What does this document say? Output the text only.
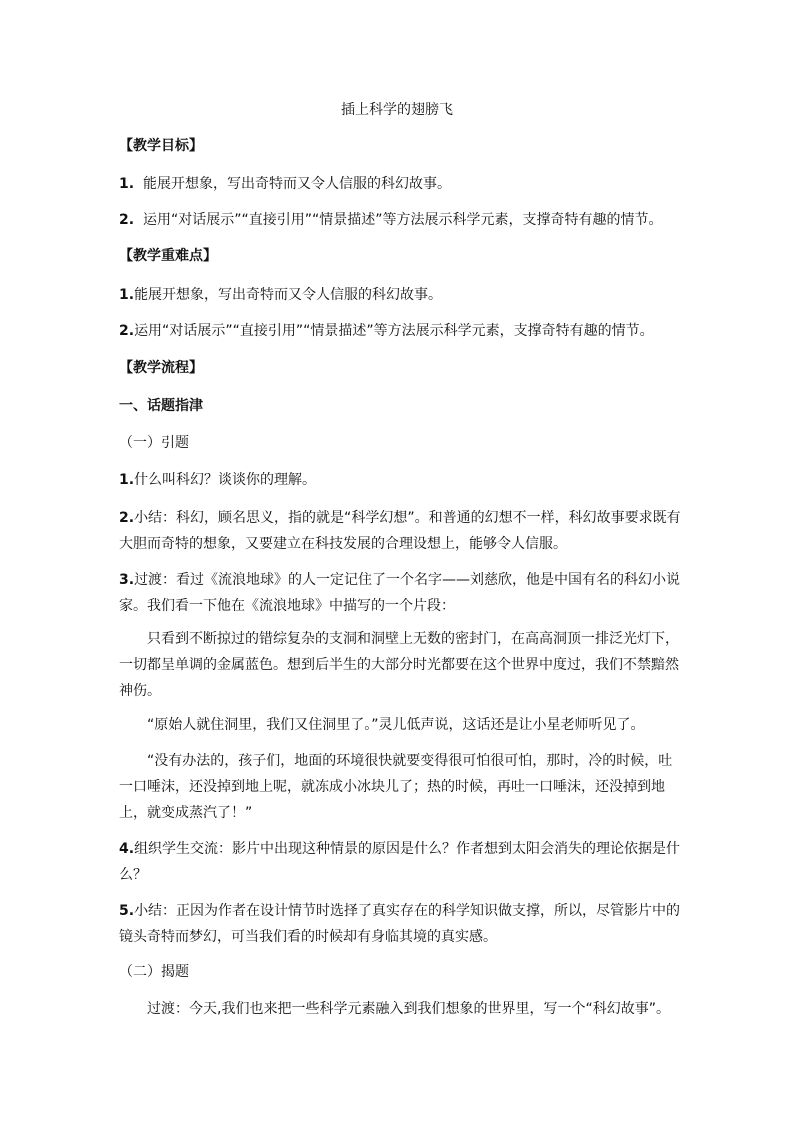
插上科学的翅膀飞

【教学目标】

1. 能展开想象，写出奇特而又令人信服的科幻故事。

2. 运用“对话展示”“直接引用”“情景描述”等方法展示科学元素，支撑奇特有趣的情节。

【教学重难点】

1.能展开想象，写出奇特而又令人信服的科幻故事。

2.运用“对话展示”“直接引用”“情景描述”等方法展示科学元素，支撑奇特有趣的情节。

【教学流程】

一、话题指津

（一）引题

1.什么叫科幻？谈谈你的理解。

2.小结：科幻，顾名思义，指的就是“科学幻想”。和普通的幻想不一样，科幻故事要求既有大胆而奇特的想象，又要建立在科技发展的合理设想上，能够令人信服。

3.过渡：看过《流浪地球》的人一定记住了一个名字——刘慈欣，他是中国有名的科幻小说家。我们看一下他在《流浪地球》中描写的一个片段：

只看到不断掠过的错综复杂的支洞和洞壁上无数的密封门，在高高洞顶一排泛光灯下，一切都呈单调的金属蓝色。想到后半生的大部分时光都要在这个世界中度过，我们不禁黯然神伤。

“原始人就住洞里，我们又住洞里了。”灵儿低声说，这话还是让小星老师听见了。

“没有办法的，孩子们，地面的环境很快就要变得很可怕很可怕，那时，冷的时候，吐一口唾沫，还没掉到地上呢，就冻成小冰块儿了；热的时候，再吐一口唾沫，还没掉到地上，就变成蒸汽了！”

4.组织学生交流：影片中出现这种情景的原因是什么？作者想到太阳会消失的理论依据是什么？

5.小结：正因为作者在设计情节时选择了真实存在的科学知识做支撑，所以，尽管影片中的镜头奇特而梦幻，可当我们看的时候却有身临其境的真实感。

（二）揭题

过渡：今天,我们也来把一些科学元素融入到我们想象的世界里，写一个“科幻故事”。
